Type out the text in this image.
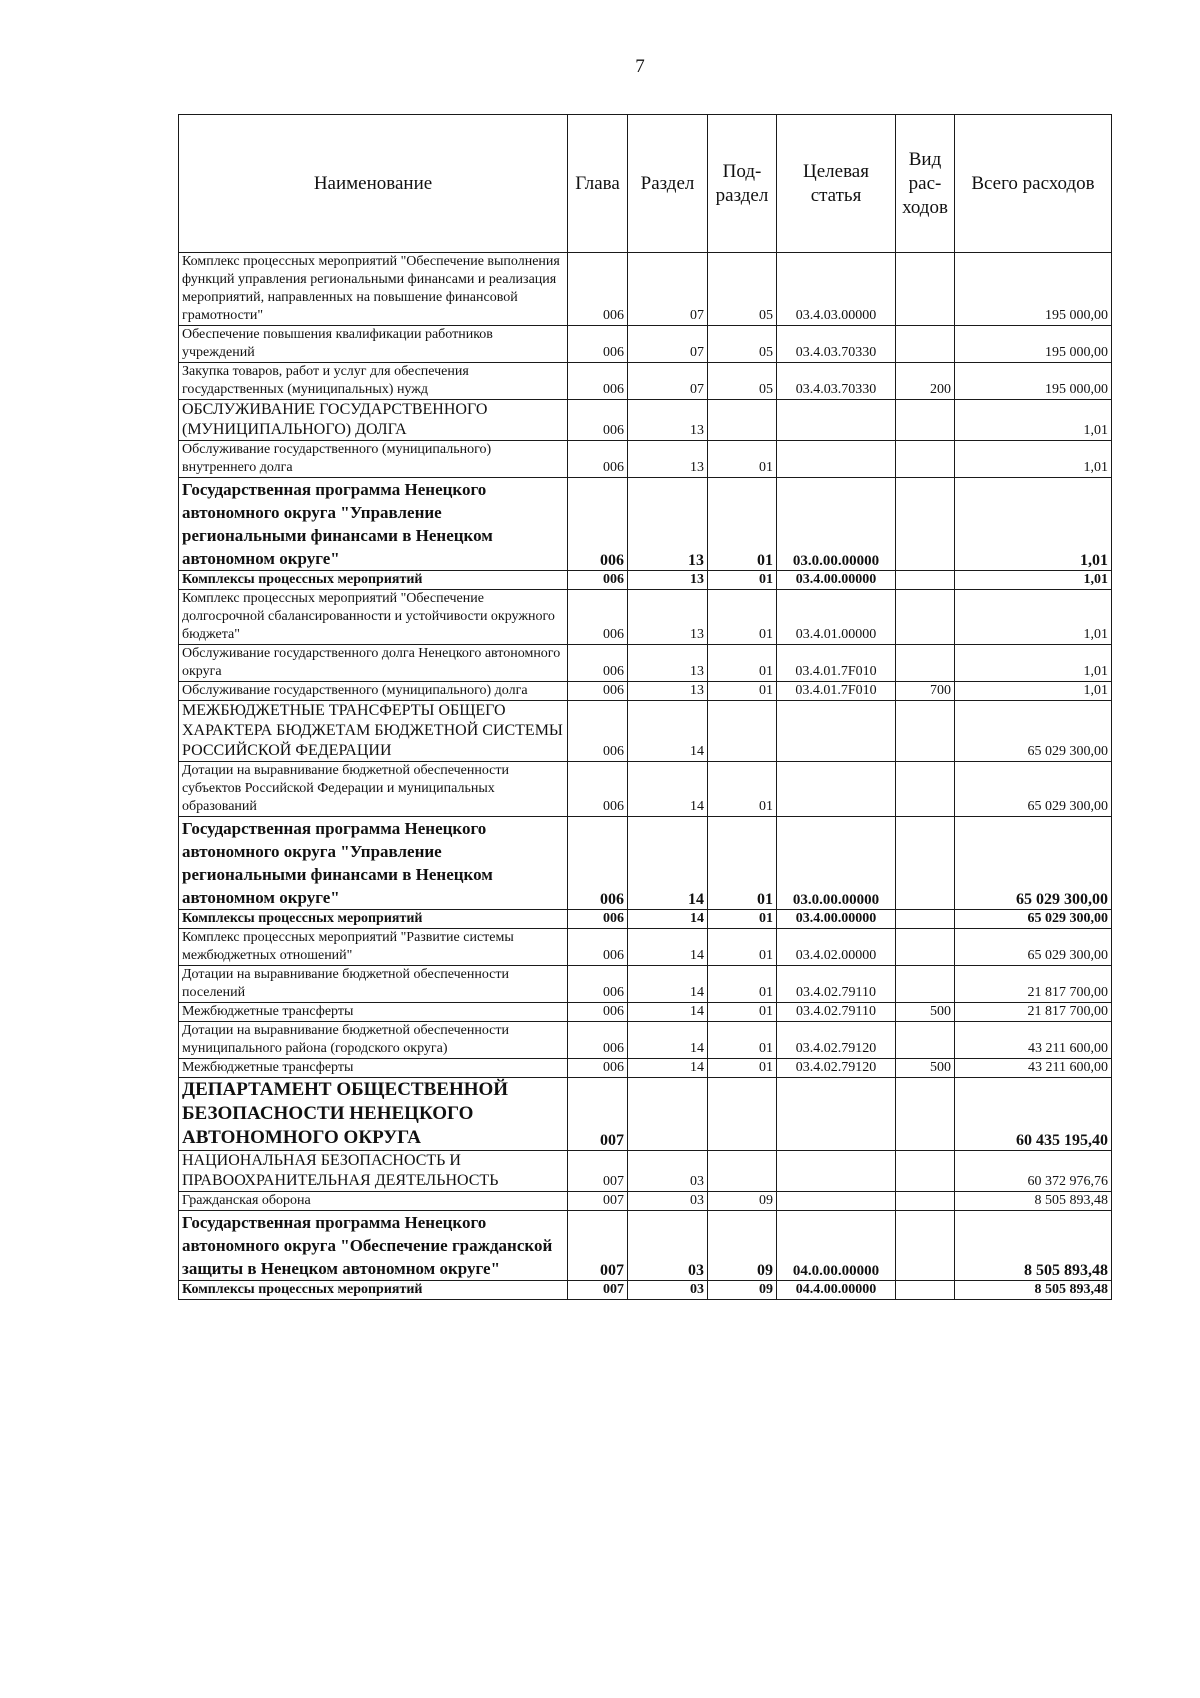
7
Наименование	Глава	Раздел	Под-раздел	Целевая статья	Вид рас-ходов	Всего расходов
Комплекс процессных мероприятий "Обеспечение выполнения функций управления региональными финансами и реализация мероприятий, направленных на повышение финансовой грамотности"	006	07	05	03.4.03.00000		195 000,00
Обеспечение повышения квалификации работников учреждений	006	07	05	03.4.03.70330		195 000,00
Закупка товаров, работ и услуг для обеспечения государственных (муниципальных) нужд	006	07	05	03.4.03.70330	200	195 000,00
ОБСЛУЖИВАНИЕ ГОСУДАРСТВЕННОГО (МУНИЦИПАЛЬНОГО) ДОЛГА	006	13				1,01
Обслуживание государственного (муниципального) внутреннего долга	006	13	01			1,01
Государственная программа Ненецкого автономного округа "Управление региональными финансами в Ненецком автономном округе"	006	13	01	03.0.00.00000		1,01
Комплексы процессных мероприятий	006	13	01	03.4.00.00000		1,01
Комплекс процессных мероприятий "Обеспечение долгосрочной сбалансированности и устойчивости окружного бюджета"	006	13	01	03.4.01.00000		1,01
Обслуживание государственного долга Ненецкого автономного округа	006	13	01	03.4.01.7F010		1,01
Обслуживание государственного (муниципального) долга	006	13	01	03.4.01.7F010	700	1,01
МЕЖБЮДЖЕТНЫЕ ТРАНСФЕРТЫ ОБЩЕГО ХАРАКТЕРА БЮДЖЕТАМ БЮДЖЕТНОЙ СИСТЕМЫ РОССИЙСКОЙ ФЕДЕРАЦИИ	006	14				65 029 300,00
Дотации на выравнивание бюджетной обеспеченности субъектов Российской Федерации и муниципальных образований	006	14	01			65 029 300,00
Государственная программа Ненецкого автономного округа "Управление региональными финансами в Ненецком автономном округе"	006	14	01	03.0.00.00000		65 029 300,00
Комплексы процессных мероприятий	006	14	01	03.4.00.00000		65 029 300,00
Комплекс процессных мероприятий "Развитие системы межбюджетных отношений"	006	14	01	03.4.02.00000		65 029 300,00
Дотации на выравнивание бюджетной обеспеченности поселений	006	14	01	03.4.02.79110		21 817 700,00
Межбюджетные трансферты	006	14	01	03.4.02.79110	500	21 817 700,00
Дотации на выравнивание бюджетной обеспеченности муниципального района (городского округа)	006	14	01	03.4.02.79120		43 211 600,00
Межбюджетные трансферты	006	14	01	03.4.02.79120	500	43 211 600,00
ДЕПАРТАМЕНТ ОБЩЕСТВЕННОЙ БЕЗОПАСНОСТИ НЕНЕЦКОГО АВТОНОМНОГО ОКРУГА	007					60 435 195,40
НАЦИОНАЛЬНАЯ БЕЗОПАСНОСТЬ И ПРАВООХРАНИТЕЛЬНАЯ ДЕЯТЕЛЬНОСТЬ	007	03				60 372 976,76
Гражданская оборона	007	03	09			8 505 893,48
Государственная программа Ненецкого автономного округа "Обеспечение гражданской защиты в Ненецком автономном округе"	007	03	09	04.0.00.00000		8 505 893,48
Комплексы процессных мероприятий	007	03	09	04.4.00.00000		8 505 893,48
